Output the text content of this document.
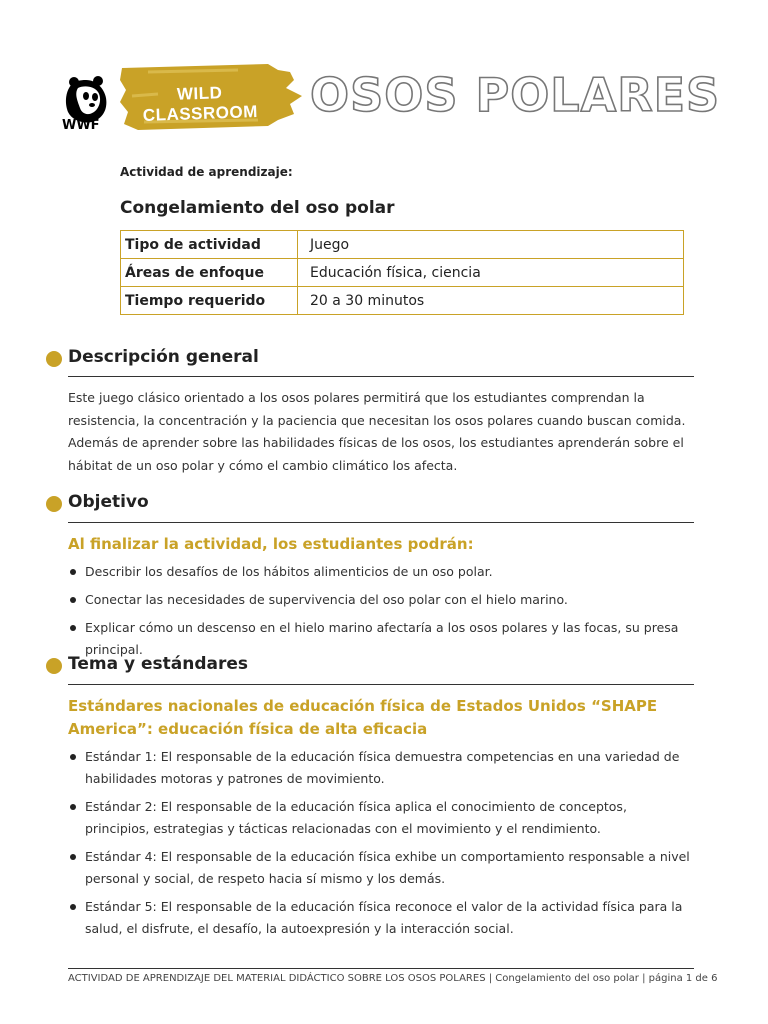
WWF
WILD CLASSROOM	OSOS POLARES
Actividad de aprendizaje:
Congelamiento del oso polar
Tipo de actividad	Juego
Áreas de enfoque	Educación física, ciencia
Tiempo requerido	20 a 30 minutos
Descripción general
Este juego clásico orientado a los osos polares permitirá que los estudiantes comprendan la resistencia, la concentración y la paciencia que necesitan los osos polares cuando buscan comida. Además de aprender sobre las habilidades físicas de los osos, los estudiantes aprenderán sobre el hábitat de un oso polar y cómo el cambio climático los afecta.
Objetivo
Al finalizar la actividad, los estudiantes podrán:
Describir los desafíos de los hábitos alimenticios de un oso polar.
Conectar las necesidades de supervivencia del oso polar con el hielo marino.
Explicar cómo un descenso en el hielo marino afectaría a los osos polares y las focas, su presa principal.
Tema y estándares
Estándares nacionales de educación física de Estados Unidos “SHAPE America”: educación física de alta eficacia
Estándar 1: El responsable de la educación física demuestra competencias en una variedad de habilidades motoras y patrones de movimiento.
Estándar 2: El responsable de la educación física aplica el conocimiento de conceptos, principios, estrategias y tácticas relacionadas con el movimiento y el rendimiento.
Estándar 4: El responsable de la educación física exhibe un comportamiento responsable a nivel personal y social, de respeto hacia sí mismo y los demás.
Estándar 5: El responsable de la educación física reconoce el valor de la actividad física para la salud, el disfrute, el desafío, la autoexpresión y la interacción social.
ACTIVIDAD DE APRENDIZAJE DEL MATERIAL DIDÁCTICO SOBRE LOS OSOS POLARES | Congelamiento del oso polar | página 1 de 6
